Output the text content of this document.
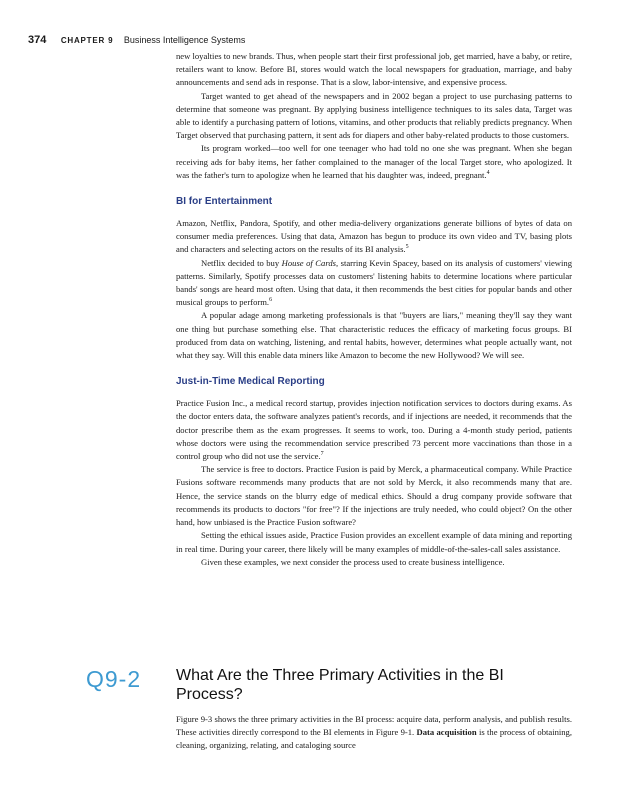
374 CHAPTER 9 Business Intelligence Systems

new loyalties to new brands. Thus, when people start their first professional job, get married, have a baby, or retire, retailers want to know. Before BI, stores would watch the local newspapers for graduation, marriage, and baby announcements and send ads in response. That is a slow, labor-intensive, and expensive process.

Target wanted to get ahead of the newspapers and in 2002 began a project to use purchasing patterns to determine that someone was pregnant. By applying business intelligence techniques to its sales data, Target was able to identify a purchasing pattern of lotions, vitamins, and other products that reliably predicts pregnancy. When Target observed that purchasing pattern, it sent ads for diapers and other baby-related products to those customers.

Its program worked—too well for one teenager who had told no one she was pregnant. When she began receiving ads for baby items, her father complained to the manager of the local Target store, who apologized. It was the father's turn to apologize when he learned that his daughter was, indeed, pregnant.$^4$

BI for Entertainment

Amazon, Netflix, Pandora, Spotify, and other media-delivery organizations generate billions of bytes of data on consumer media preferences. Using that data, Amazon has begun to produce its own video and TV, basing plots and characters and selecting actors on the results of its BI analysis.$^5$

Netflix decided to buy House of Cards, starring Kevin Spacey, based on its analysis of customers' viewing patterns. Similarly, Spotify processes data on customers' listening habits to determine locations where particular bands' songs are heard most often. Using that data, it then recommends the best cities for popular bands and other musical groups to perform.$^6$

A popular adage among marketing professionals is that "buyers are liars," meaning they'll say they want one thing but purchase something else. That characteristic reduces the efficacy of marketing focus groups. BI produced from data on watching, listening, and rental habits, however, determines what people actually want, not what they say. Will this enable data miners like Amazon to become the new Hollywood? We will see.

Just-in-Time Medical Reporting

Practice Fusion Inc., a medical record startup, provides injection notification services to doctors during exams. As the doctor enters data, the software analyzes patient's records, and if injections are needed, it recommends that the doctor prescribe them as the exam progresses. It seems to work, too. During a 4-month study period, patients whose doctors were using the recommendation service prescribed 73 percent more vaccinations than those in a control group who did not use the service.$^7$

The service is free to doctors. Practice Fusion is paid by Merck, a pharmaceutical company. While Practice Fusions software recommends many products that are not sold by Merck, it also recommends many that are. Hence, the service stands on the blurry edge of medical ethics. Should a drug company provide software that recommends its products to doctors "for free"? If the injections are truly needed, who could object? On the other hand, how unbiased is the Practice Fusion software?

Setting the ethical issues aside, Practice Fusion provides an excellent example of data mining and reporting in real time. During your career, there likely will be many examples of middle-of-the-sales-call sales assistance.

Given these examples, we next consider the process used to create business intelligence.

Q9-2 What Are the Three Primary Activities in the BI Process?

Figure 9-3 shows the three primary activities in the BI process: acquire data, perform analysis, and publish results. These activities directly correspond to the BI elements in Figure 9-1. Data acquisition is the process of obtaining, cleaning, organizing, relating, and cataloging source
